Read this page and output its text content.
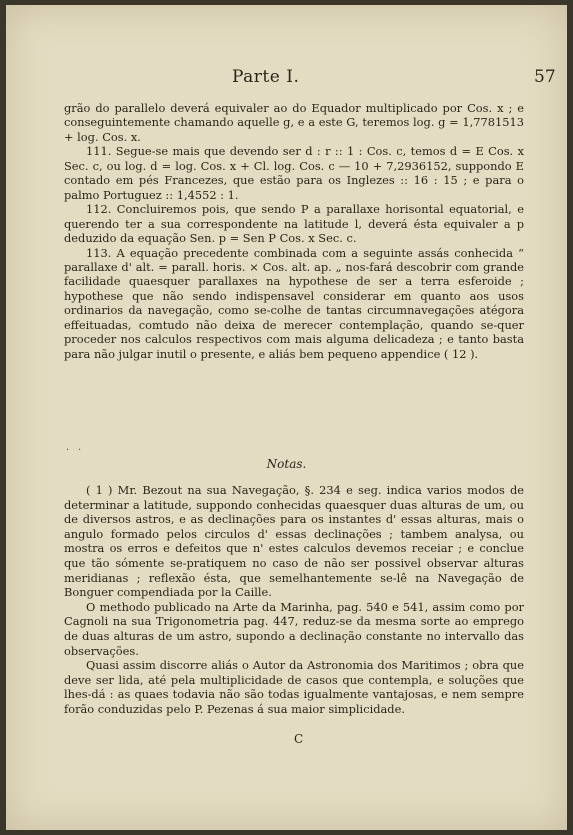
Parte I.	57

grão do parallelo deverá equivaler ao do Equador multiplicado por Cos. x ; e conseguintemente chamando aquelle g, e a este G, teremos log. g = 1,7781513 + log. Cos. x.

111. Segue-se mais que devendo ser d : r :: 1 : Cos. c, temos d = E Cos. x Sec. c, ou log. d = log. Cos. x + Cl. log. Cos. c — 10 + 7,2936152, suppondo E contado em pés Francezes, que estão para os Inglezes :: 16 : 15 ; e para o palmo Portuguez :: 1,4552 : 1.

112. Concluiremos pois, que sendo P a parallaxe horisontal equatorial, e querendo ter a sua correspondente na latitude l, deverá ésta equivaler a p deduzido da equação Sen. p = Sen P Cos. x Sec. c.

113. A equação precedente combinada com a seguinte assás conhecida “ parallaxe d' alt. = parall. horis. × Cos. alt. ap. „ nos-fará descobrir com grande facilidade quaesquer parallaxes na hypothese de ser a terra esferoide ; hypothese que não sendo indispensavel considerar em quanto aos usos ordinarios da navegação, como se-colhe de tantas circumnavegações atégora effeituadas, comtudo não deixa de merecer contemplação, quando se-quer proceder nos calculos respectivos com mais alguma delicadeza ; e tanto basta para não julgar inutil o presente, e aliás bem pequeno appendice ( 12 ).

Notas.

( 1 ) Mr. Bezout na sua Navegação, §. 234 e seg. indica varios modos de determinar a latitude, suppondo conhecidas quaesquer duas alturas de um, ou de diversos astros, e as declinações para os instantes d' essas alturas, mais o angulo formado pelos circulos d' essas declinações ; tambem analysa, ou mostra os erros e defeitos que n' estes calculos devemos receiar ; e conclue que tão sómente se-pratiquem no caso de não ser possivel observar alturas meridianas ; reflexão ésta, que semelhantemente se-lê na Navegação de Bonguer compendiada por la Caille.

O methodo publicado na Arte da Marinha, pag. 540 e 541, assim como por Cagnoli na sua Trigonometria pag. 447, reduz-se da mesma sorte ao emprego de duas alturas de um astro, supondo a declinação constante no intervallo das observações.

Quasi assim discorre aliás o Autor da Astronomia dos Maritimos ; obra que deve ser lida, até pela multiplicidade de casos que contempla, e soluções que lhes-dá : as quaes todavia não são todas igualmente vantajosas, e nem sempre forão conduzidas pelo P. Pezenas á sua maior simplicidade.

C
· ·
